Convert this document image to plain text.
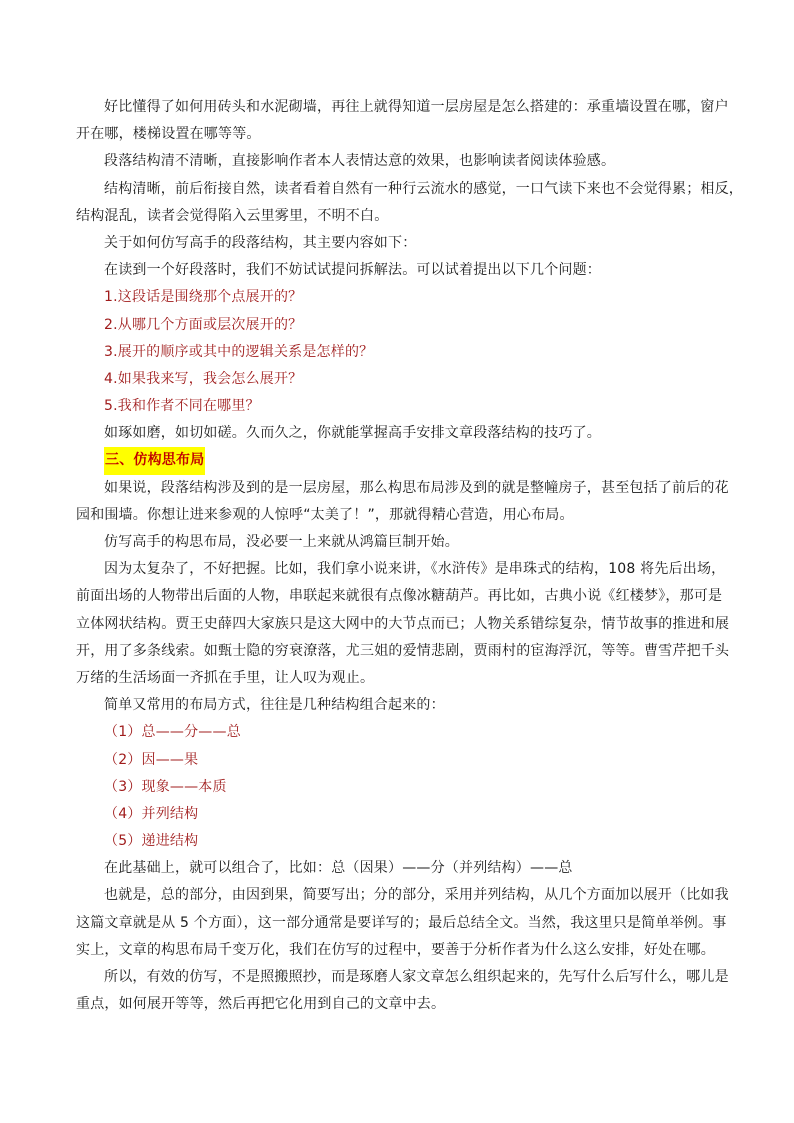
好比懂得了如何用砖头和水泥砌墙，再往上就得知道一层房屋是怎么搭建的：承重墙设置在哪，窗户
开在哪，楼梯设置在哪等等。
段落结构清不清晰，直接影响作者本人表情达意的效果，也影响读者阅读体验感。
结构清晰，前后衔接自然，读者看着自然有一种行云流水的感觉，一口气读下来也不会觉得累；相反，
结构混乱，读者会觉得陷入云里雾里，不明不白。
关于如何仿写高手的段落结构，其主要内容如下：
在读到一个好段落时，我们不妨试试提问拆解法。可以试着提出以下几个问题：
1.这段话是围绕那个点展开的？
2.从哪几个方面或层次展开的？
3.展开的顺序或其中的逻辑关系是怎样的？
4.如果我来写，我会怎么展开？
5.我和作者不同在哪里？
如琢如磨，如切如磋。久而久之，你就能掌握高手安排文章段落结构的技巧了。
三、仿构思布局
如果说，段落结构涉及到的是一层房屋，那么构思布局涉及到的就是整幢房子，甚至包括了前后的花
园和围墙。你想让进来参观的人惊呼“太美了！”，那就得精心营造，用心布局。
仿写高手的构思布局，没必要一上来就从鸿篇巨制开始。
因为太复杂了，不好把握。比如，我们拿小说来讲，《水浒传》是串珠式的结构，108 将先后出场，
前面出场的人物带出后面的人物，串联起来就很有点像冰糖葫芦。再比如，古典小说《红楼梦》，那可是
立体网状结构。贾王史薛四大家族只是这大网中的大节点而已；人物关系错综复杂，情节故事的推进和展
开，用了多条线索。如甄士隐的穷衰潦落，尤三姐的爱情悲剧，贾雨村的宦海浮沉，等等。曹雪芹把千头
万绪的生活场面一齐抓在手里，让人叹为观止。
简单又常用的布局方式，往往是几种结构组合起来的：
（1）总——分——总
（2）因——果
（3）现象——本质
（4）并列结构
（5）递进结构
在此基础上，就可以组合了，比如：总（因果）——分（并列结构）——总
也就是，总的部分，由因到果，简要写出；分的部分，采用并列结构，从几个方面加以展开（比如我
这篇文章就是从 5 个方面），这一部分通常是要详写的；最后总结全文。当然，我这里只是简单举例。事
实上，文章的构思布局千变万化，我们在仿写的过程中，要善于分析作者为什么这么安排，好处在哪。
所以，有效的仿写，不是照搬照抄，而是琢磨人家文章怎么组织起来的，先写什么后写什么，哪儿是
重点，如何展开等等，然后再把它化用到自己的文章中去。
